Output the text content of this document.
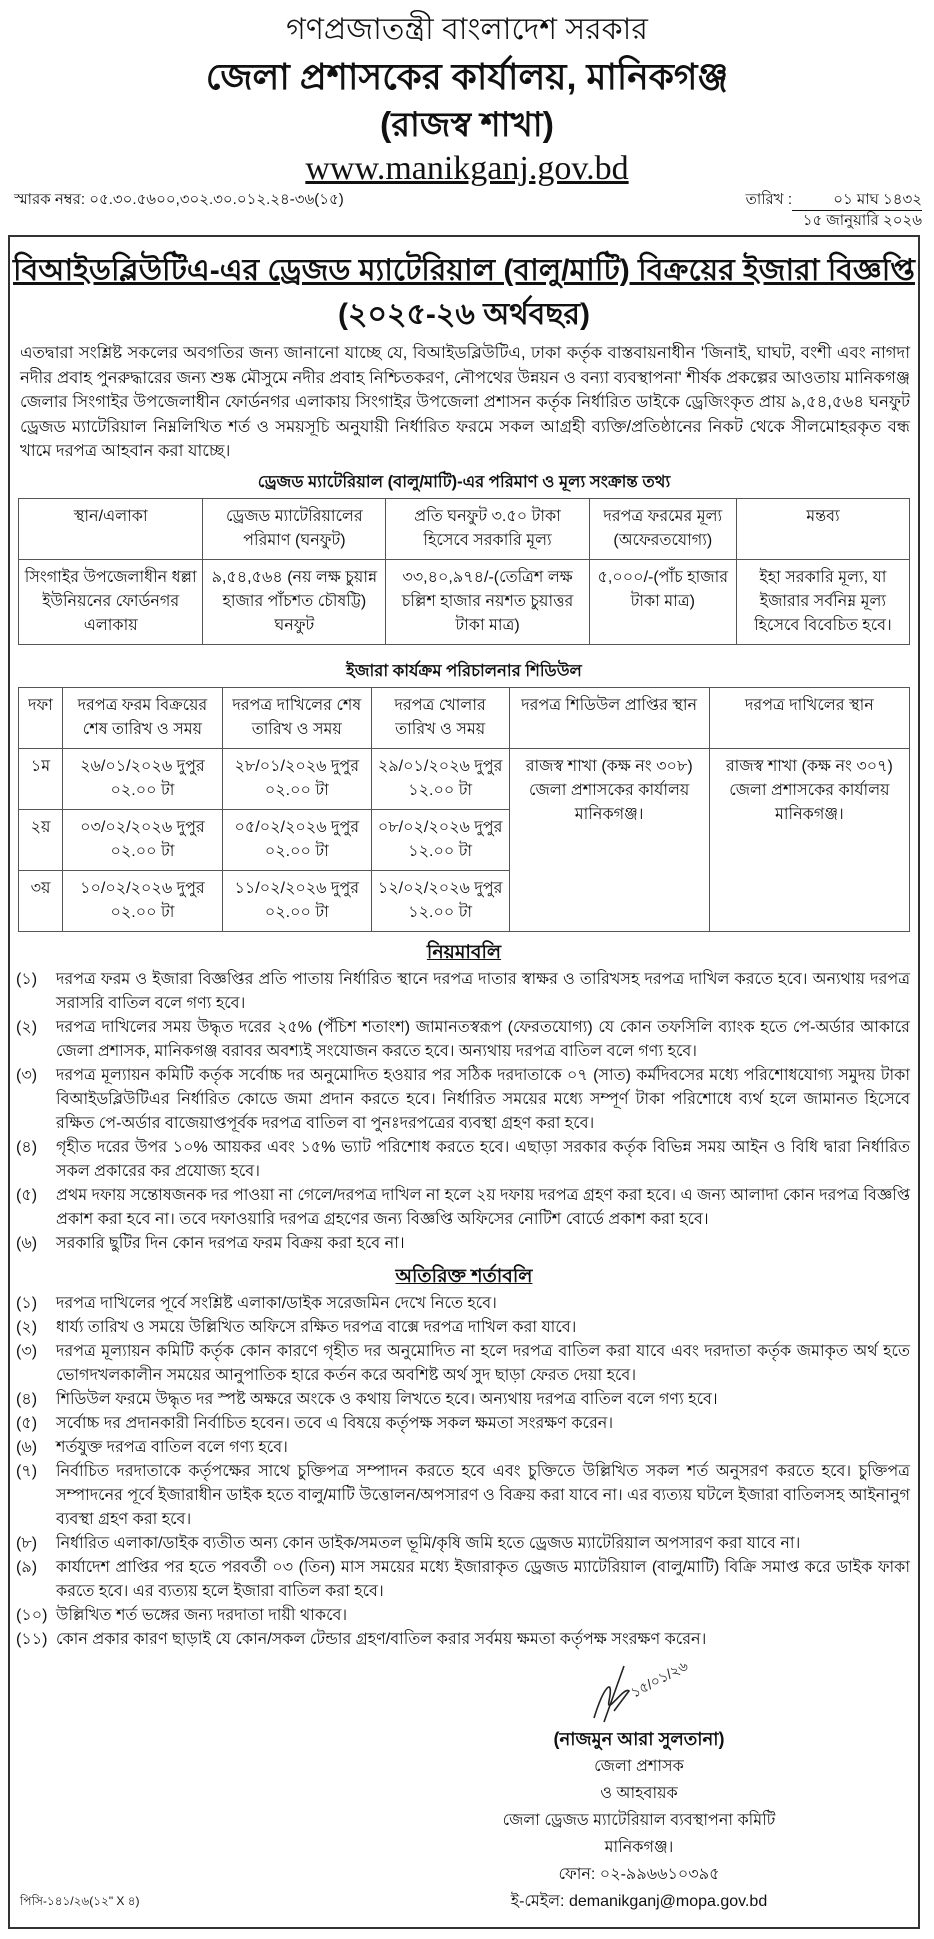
গণপ্রজাতন্ত্রী বাংলাদেশ সরকার
জেলা প্রশাসকের কার্যালয়, মানিকগঞ্জ
(রাজস্ব শাখা)
www.manikganj.gov.bd
স্মারক নম্বর: ০৫.৩০.৫৬০০,৩০২.৩০.০১২.২৪-৩৬(১৫)	তারিখ :	০১ মাঘ ১৪৩২
১৫ জানুয়ারি ২০২৬
বিআইডব্লিউটিএ-এর ড্রেজড ম্যাটেরিয়াল (বালু/মাটি) বিক্রয়ের ইজারা বিজ্ঞপ্তি
(২০২৫-২৬ অর্থবছর)

এতদ্বারা সংশ্লিষ্ট সকলের অবগতির জন্য জানানো যাচ্ছে যে, বিআইডব্লিউটিএ, ঢাকা কর্তৃক বাস্তবায়নাধীন 'জিনাই, ঘাঘট, বংশী এবং নাগদা নদীর প্রবাহ পুনরুদ্ধারের জন্য শুষ্ক মৌসুমে নদীর প্রবাহ নিশ্চিতকরণ, নৌপথের উন্নয়ন ও বন্যা ব্যবস্থাপনা' শীর্ষক প্রকল্পের আওতায় মানিকগঞ্জ জেলার সিংগাইর উপজেলাধীন ফোর্ডনগর এলাকায় সিংগাইর উপজেলা প্রশাসন কর্তৃক নির্ধারিত ডাইকে ড্রেজিংকৃত প্রায় ৯,৫৪,৫৬৪ ঘনফুট ড্রেজড ম্যাটেরিয়াল নিম্নলিখিত শর্ত ও সময়সূচি অনুযায়ী নির্ধারিত ফরমে সকল আগ্রহী ব্যক্তি/প্রতিষ্ঠানের নিকট থেকে সীলমোহরকৃত বন্ধ খামে দরপত্র আহবান করা যাচ্ছে।

ড্রেজড ম্যাটেরিয়াল (বালু/মাটি)-এর পরিমাণ ও মূল্য সংক্রান্ত তথ্য
স্থান/এলাকা	ড্রেজড ম্যাটেরিয়ালের পরিমাণ (ঘনফুট)	প্রতি ঘনফুট ৩.৫০ টাকা হিসেবে সরকারি মূল্য	দরপত্র ফরমের মূল্য (অফেরতযোগ্য)	মন্তব্য
সিংগাইর উপজেলাধীন ধল্লা ইউনিয়নের ফোর্ডনগর এলাকায়	৯,৫৪,৫৬৪ (নয় লক্ষ চুয়ান্ন হাজার পাঁচশত চৌষট্টি) ঘনফুট	৩৩,৪০,৯৭৪/-(তেত্রিশ লক্ষ চল্লিশ হাজার নয়শত চুয়াত্তর টাকা মাত্র)	৫,০০০/-(পাঁচ হাজার টাকা মাত্র)	ইহা সরকারি মূল্য, যা ইজারার সর্বনিম্ন মূল্য হিসেবে বিবেচিত হবে।
ইজারা কার্যক্রম পরিচালনার শিডিউল
দফা	দরপত্র ফরম বিক্রয়ের শেষ তারিখ ও সময়	দরপত্র দাখিলের শেষ তারিখ ও সময়	দরপত্র খোলার তারিখ ও সময়	দরপত্র শিডিউল প্রাপ্তির স্থান	দরপত্র দাখিলের স্থান
১ম	২৬/০১/২০২৬ দুপুর ০২.০০ টা	২৮/০১/২০২৬ দুপুর ০২.০০ টা	২৯/০১/২০২৬ দুপুর ১২.০০ টা	রাজস্ব শাখা (কক্ষ নং ৩০৮) জেলা প্রশাসকের কার্যালয় মানিকগঞ্জ।	রাজস্ব শাখা (কক্ষ নং ৩০৭) জেলা প্রশাসকের কার্যালয় মানিকগঞ্জ।
২য়	০৩/০২/২০২৬ দুপুর ০২.০০ টা	০৫/০২/২০২৬ দুপুর ০২.০০ টা	০৮/০২/২০২৬ দুপুর ১২.০০ টা		
৩য়	১০/০২/২০২৬ দুপুর ০২.০০ টা	১১/০২/২০২৬ দুপুর ০২.০০ টা	১২/০২/২০২৬ দুপুর ১২.০০ টা		
নিয়মাবলি
(১)	দরপত্র ফরম ও ইজারা বিজ্ঞপ্তির প্রতি পাতায় নির্ধারিত স্থানে দরপত্র দাতার স্বাক্ষর ও তারিখসহ দরপত্র দাখিল করতে হবে। অন্যথায় দরপত্র সরাসরি বাতিল বলে গণ্য হবে।
(২)	দরপত্র দাখিলের সময় উদ্ধৃত দরের ২৫% (পঁচিশ শতাংশ) জামানতস্বরূপ (ফেরতযোগ্য) যে কোন তফসিলি ব্যাংক হতে পে-অর্ডার আকারে জেলা প্রশাসক, মানিকগঞ্জ বরাবর অবশ্যই সংযোজন করতে হবে। অন্যথায় দরপত্র বাতিল বলে গণ্য হবে।
(৩)	দরপত্র মূল্যায়ন কমিটি কর্তৃক সর্বোচ্চ দর অনুমোদিত হওয়ার পর সঠিক দরদাতাকে ০৭ (সাত) কর্মদিবসের মধ্যে পরিশোধযোগ্য সমুদয় টাকা বিআইডব্লিউটিএর নির্ধারিত কোডে জমা প্রদান করতে হবে। নির্ধারিত সময়ের মধ্যে সম্পূর্ণ টাকা পরিশোধে ব্যর্থ হলে জামানত হিসেবে রক্ষিত পে-অর্ডার বাজেয়াপ্তপূর্বক দরপত্র বাতিল বা পুনঃদরপত্রের ব্যবস্থা গ্রহণ করা হবে।
(৪)	গৃহীত দরের উপর ১০% আয়কর এবং ১৫% ভ্যাট পরিশোধ করতে হবে। এছাড়া সরকার কর্তৃক বিভিন্ন সময় আইন ও বিধি দ্বারা নির্ধারিত সকল প্রকারের কর প্রযোজ্য হবে।
(৫)	প্রথম দফায় সন্তোষজনক দর পাওয়া না গেলে/দরপত্র দাখিল না হলে ২য় দফায় দরপত্র গ্রহণ করা হবে। এ জন্য আলাদা কোন দরপত্র বিজ্ঞপ্তি প্রকাশ করা হবে না। তবে দফাওয়ারি দরপত্র গ্রহণের জন্য বিজ্ঞপ্তি অফিসের নোটিশ বোর্ডে প্রকাশ করা হবে।
(৬)	সরকারি ছুটির দিন কোন দরপত্র ফরম বিক্রয় করা হবে না।
অতিরিক্ত শর্তাবলি
(১)	দরপত্র দাখিলের পূর্বে সংশ্লিষ্ট এলাকা/ডাইক সরেজমিন দেখে নিতে হবে।
(২)	ধার্য্য তারিখ ও সময়ে উল্লিখিত অফিসে রক্ষিত দরপত্র বাক্সে দরপত্র দাখিল করা যাবে।
(৩)	দরপত্র মূল্যায়ন কমিটি কর্তৃক কোন কারণে গৃহীত দর অনুমোদিত না হলে দরপত্র বাতিল করা যাবে এবং দরদাতা কর্তৃক জমাকৃত অর্থ হতে ভোগদখলকালীন সময়ের আনুপাতিক হারে কর্তন করে অবশিষ্ট অর্থ সুদ ছাড়া ফেরত দেয়া হবে।
(৪)	শিডিউল ফরমে উদ্ধৃত দর স্পষ্ট অক্ষরে অংকে ও কথায় লিখতে হবে। অন্যথায় দরপত্র বাতিল বলে গণ্য হবে।
(৫)	সর্বোচ্চ দর প্রদানকারী নির্বাচিত হবেন। তবে এ বিষয়ে কর্তৃপক্ষ সকল ক্ষমতা সংরক্ষণ করেন।
(৬)	শর্তযুক্ত দরপত্র বাতিল বলে গণ্য হবে।
(৭)	নির্বাচিত দরদাতাকে কর্তৃপক্ষের সাথে চুক্তিপত্র সম্পাদন করতে হবে এবং চুক্তিতে উল্লিখিত সকল শর্ত অনুসরণ করতে হবে। চুক্তিপত্র সম্পাদনের পূর্বে ইজারাধীন ডাইক হতে বালু/মাটি উত্তোলন/অপসারণ ও বিক্রয় করা যাবে না। এর ব্যত্যয় ঘটলে ইজারা বাতিলসহ আইনানুগ ব্যবস্থা গ্রহণ করা হবে।
(৮)	নির্ধারিত এলাকা/ডাইক ব্যতীত অন্য কোন ডাইক/সমতল ভূমি/কৃষি জমি হতে ড্রেজড ম্যাটেরিয়াল অপসারণ করা যাবে না।
(৯)	কার্যাদেশ প্রাপ্তির পর হতে পরবর্তী ০৩ (তিন) মাস সময়ের মধ্যে ইজারাকৃত ড্রেজড ম্যাটেরিয়াল (বালু/মাটি) বিক্রি সমাপ্ত করে ডাইক ফাকা করতে হবে। এর ব্যত্যয় হলে ইজারা বাতিল করা হবে।
(১০) উল্লিখিত শর্ত ভঙ্গের জন্য দরদাতা দায়ী থাকবে।
(১১) কোন প্রকার কারণ ছাড়াই যে কোন/সকল টেন্ডার গ্রহণ/বাতিল করার সর্বময় ক্ষমতা কর্তৃপক্ষ সংরক্ষণ করেন।
পিসি-১৪১/২৬(১২" X ৪)
১৫/০১/২৬
(নাজমুন আরা সুলতানা)
জেলা প্রশাসক
ও আহবায়ক
জেলা ড্রেজড ম্যাটেরিয়াল ব্যবস্থাপনা কমিটি
মানিকগঞ্জ।
ফোন: ০২-৯৯৬৬১০৩৯৫
ই-মেইল: demanikganj@mopa.gov.bd
